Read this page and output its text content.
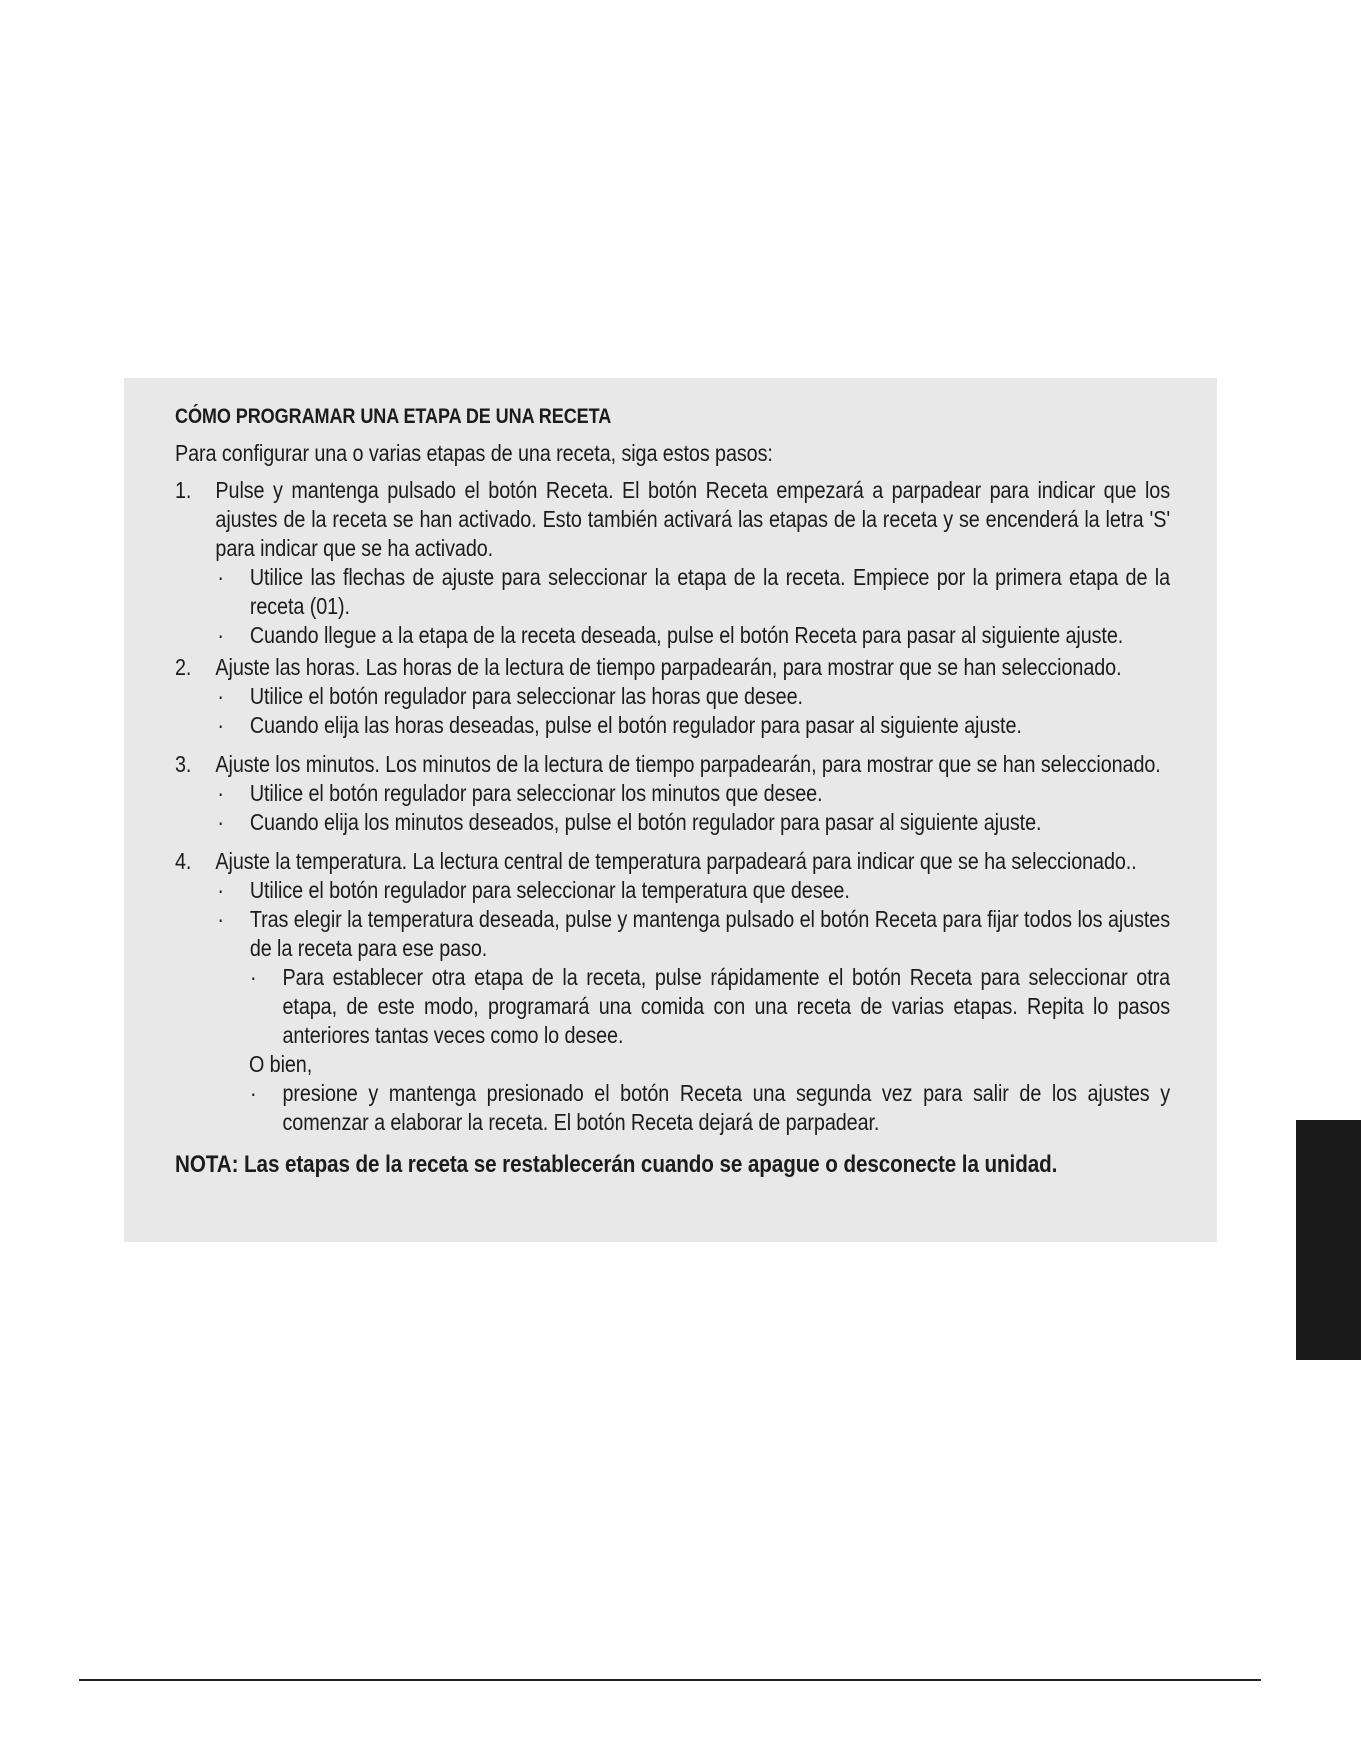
CÓMO PROGRAMAR UNA ETAPA DE UNA RECETA
Para configurar una o varias etapas de una receta, siga estos pasos:
1. Pulse y mantenga pulsado el botón Receta. El botón Receta empezará a parpadear para indicar que los ajustes de la receta se han activado. Esto también activará las etapas de la receta y se encenderá la letra 'S' para indicar que se ha activado.
· Utilice las flechas de ajuste para seleccionar la etapa de la receta. Empiece por la primera etapa de la receta (01).
· Cuando llegue a la etapa de la receta deseada, pulse el botón Receta para pasar al siguiente ajuste.
2. Ajuste las horas. Las horas de la lectura de tiempo parpadearán, para mostrar que se han seleccionado.
· Utilice el botón regulador para seleccionar las horas que desee.
· Cuando elija las horas deseadas, pulse el botón regulador para pasar al siguiente ajuste.
3. Ajuste los minutos. Los minutos de la lectura de tiempo parpadearán, para mostrar que se han seleccionado.
· Utilice el botón regulador para seleccionar los minutos que desee.
· Cuando elija los minutos deseados, pulse el botón regulador para pasar al siguiente ajuste.
4. Ajuste la temperatura. La lectura central de temperatura parpadeará para indicar que se ha seleccionado..
· Utilice el botón regulador para seleccionar la temperatura que desee.
· Tras elegir la temperatura deseada, pulse y mantenga pulsado el botón Receta para fijar todos los ajustes de la receta para ese paso.
· Para establecer otra etapa de la receta, pulse rápidamente el botón Receta para seleccionar otra etapa, de este modo, programará una comida con una receta de varias etapas. Repita lo pasos anteriores tantas veces como lo desee.
O bien,
· presione y mantenga presionado el botón Receta una segunda vez para salir de los ajustes y comenzar a elaborar la receta. El botón Receta dejará de parpadear.
NOTA: Las etapas de la receta se restablecerán cuando se apague o desconecte la unidad.
